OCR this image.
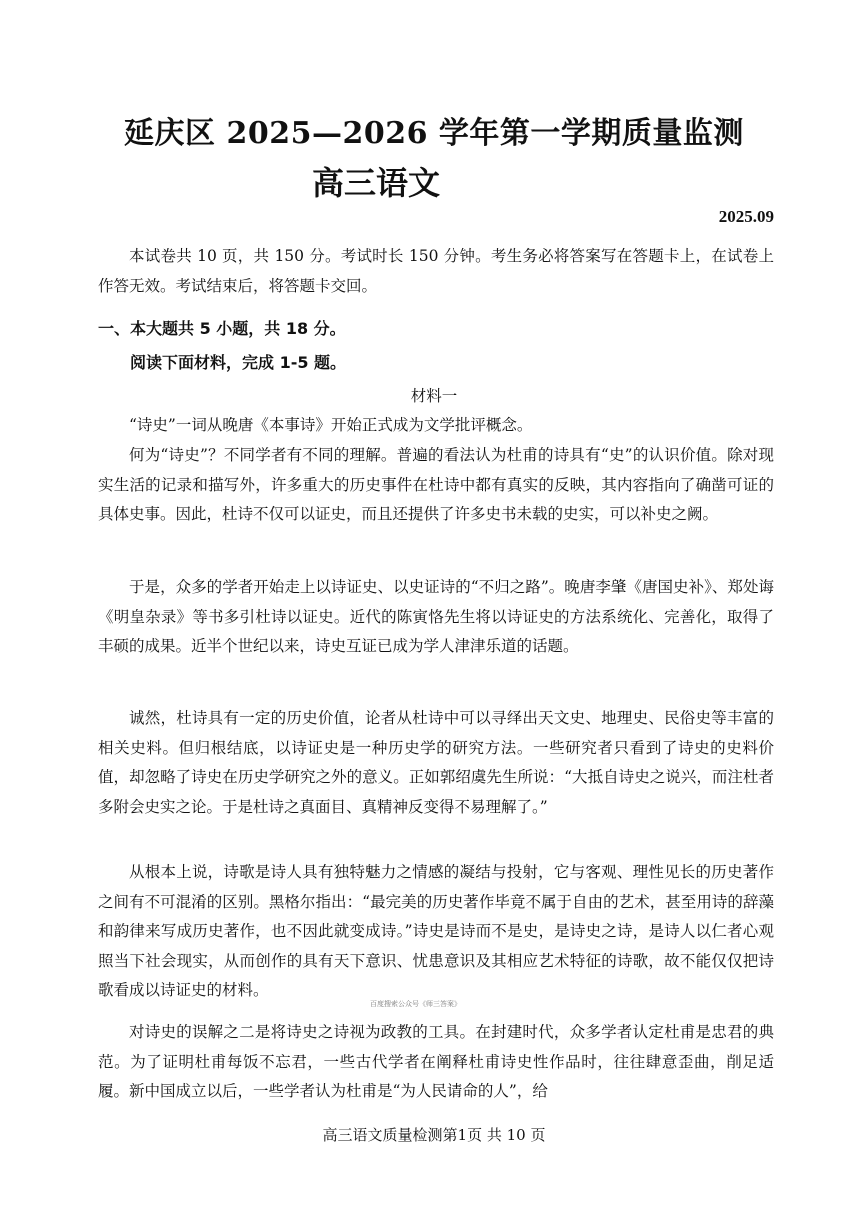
延庆区 2025—2026 学年第一学期质量监测
高三语文
2025.09
本试卷共 10 页，共 150 分。考试时长 150 分钟。考生务必将答案写在答题卡上，在试卷上作答无效。考试结束后，将答题卡交回。
一、本大题共 5 小题，共 18 分。
阅读下面材料，完成 1-5 题。
材料一
“诗史”一词从晚唐《本事诗》开始正式成为文学批评概念。
何为“诗史”？不同学者有不同的理解。普遍的看法认为杜甫的诗具有“史”的认识价值。除对现实生活的记录和描写外，许多重大的历史事件在杜诗中都有真实的反映，其内容指向了确凿可证的具体史事。因此，杜诗不仅可以证史，而且还提供了许多史书未载的史实，可以补史之阙。
于是，众多的学者开始走上以诗证史、以史证诗的“不归之路”。晚唐李肇《唐国史补》、郑处诲《明皇杂录》等书多引杜诗以证史。近代的陈寅恪先生将以诗证史的方法系统化、完善化，取得了丰硕的成果。近半个世纪以来，诗史互证已成为学人津津乐道的话题。
诚然，杜诗具有一定的历史价值，论者从杜诗中可以寻绎出天文史、地理史、民俗史等丰富的相关史料。但归根结底，以诗证史是一种历史学的研究方法。一些研究者只看到了诗史的史料价值，却忽略了诗史在历史学研究之外的意义。正如郭绍虞先生所说：“大抵自诗史之说兴，而注杜者多附会史实之论。于是杜诗之真面目、真精神反变得不易理解了。”
从根本上说，诗歌是诗人具有独特魅力之情感的凝结与投射，它与客观、理性见长的历史著作之间有不可混淆的区别。黑格尔指出：“最完美的历史著作毕竟不属于自由的艺术，甚至用诗的辞藻和韵律来写成历史著作，也不因此就变成诗。”诗史是诗而不是史，是诗史之诗，是诗人以仁者心观照当下社会现实，从而创作的具有天下意识、忧患意识及其相应艺术特征的诗歌，故不能仅仅把诗歌看成以诗证史的材料。
对诗史的误解之二是将诗史之诗视为政教的工具。在封建时代，众多学者认定杜甫是忠君的典范。为了证明杜甫每饭不忘君，一些古代学者在阐释杜甫诗史性作品时，往往肆意歪曲，削足适履。新中国成立以后，一些学者认为杜甫是“为人民请命的人”，给
百度搜索公众号《师三答案》
高三语文质量检测第1页 共 10 页
